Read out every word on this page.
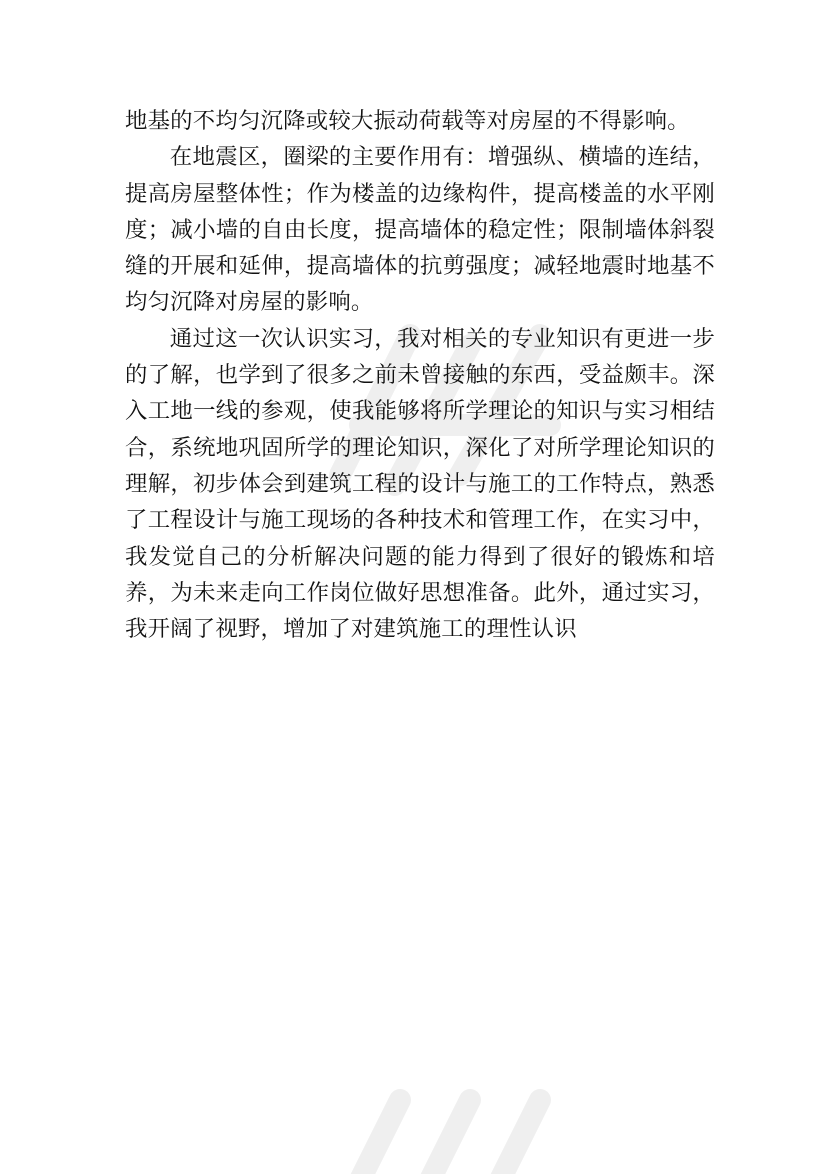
地基的不均匀沉降或较大振动荷载等对房屋的不得影响。

在地震区，圈梁的主要作用有：增强纵、横墙的连结，提高房屋整体性；作为楼盖的边缘构件，提高楼盖的水平刚度；减小墙的自由长度，提高墙体的稳定性；限制墙体斜裂缝的开展和延伸，提高墙体的抗剪强度；减轻地震时地基不均匀沉降对房屋的影响。

通过这一次认识实习，我对相关的专业知识有更进一步的了解，也学到了很多之前未曾接触的东西，受益颇丰。深入工地一线的参观，使我能够将所学理论的知识与实习相结合，系统地巩固所学的理论知识，深化了对所学理论知识的理解，初步体会到建筑工程的设计与施工的工作特点，熟悉了工程设计与施工现场的各种技术和管理工作，在实习中，我发觉自己的分析解决问题的能力得到了很好的锻炼和培养，为未来走向工作岗位做好思想准备。此外，通过实习，我开阔了视野，增加了对建筑施工的理性认识
